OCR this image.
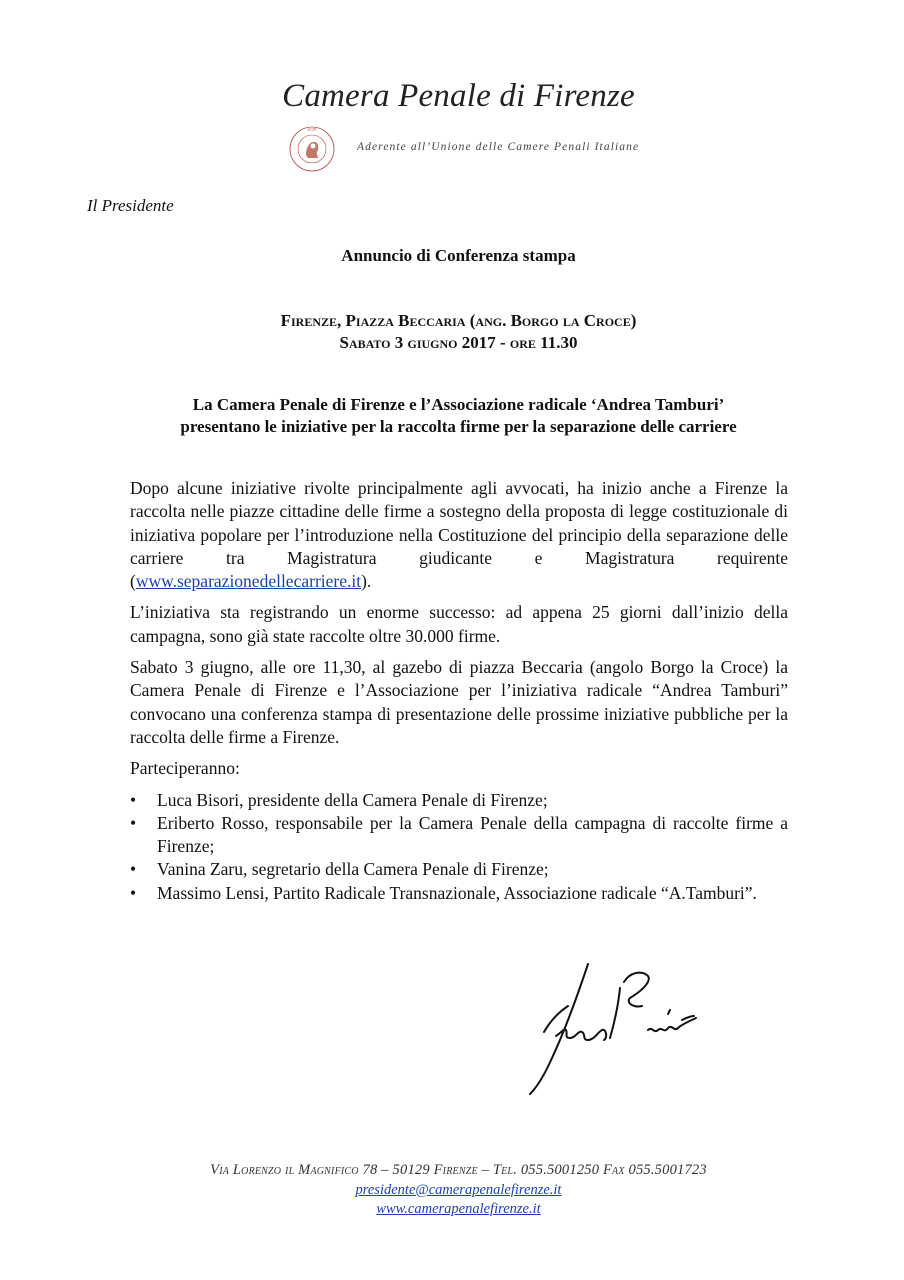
Camera Penale di Firenze
UCPI
Aderente all’Unione delle Camere Penali Italiane
Il Presidente
Annuncio di Conferenza stampa
Firenze, Piazza Beccaria (ang. Borgo la Croce)
Sabato 3 giugno 2017 - ore 11.30
La Camera Penale di Firenze e l’Associazione radicale ‘Andrea Tamburi’
presentano le iniziative per la raccolta firme per la separazione delle carriere

Dopo alcune iniziative rivolte principalmente agli avvocati, ha inizio anche a Firenze la raccolta nelle piazze cittadine delle firme a sostegno della proposta di legge costituzionale di iniziativa popolare per l’introduzione nella Costituzione del principio della separazione delle carriere tra Magistratura giudicante e Magistratura requirente (www.separazionedellecarriere.it).

L’iniziativa sta registrando un enorme successo: ad appena 25 giorni dall’inizio della campagna, sono già state raccolte oltre 30.000 firme.

Sabato 3 giugno, alle ore 11,30, al gazebo di piazza Beccaria (angolo Borgo la Croce) la Camera Penale di Firenze e l’Associazione per l’iniziativa radicale “Andrea Tamburi” convocano una conferenza stampa di presentazione delle prossime iniziative pubbliche per la raccolta delle firme a Firenze.

Parteciperanno:

•	Luca Bisori, presidente della Camera Penale di Firenze;
•	Eriberto Rosso, responsabile per la Camera Penale della campagna di raccolte firme a Firenze;
•	Vanina Zaru, segretario della Camera Penale di Firenze;
•	Massimo Lensi, Partito Radicale Transnazionale, Associazione radicale “A.Tamburi”.
Via Lorenzo il Magnifico 78 – 50129 Firenze – Tel. 055.5001250 Fax 055.5001723
presidente@camerapenalefirenze.it
www.camerapenalefirenze.it
